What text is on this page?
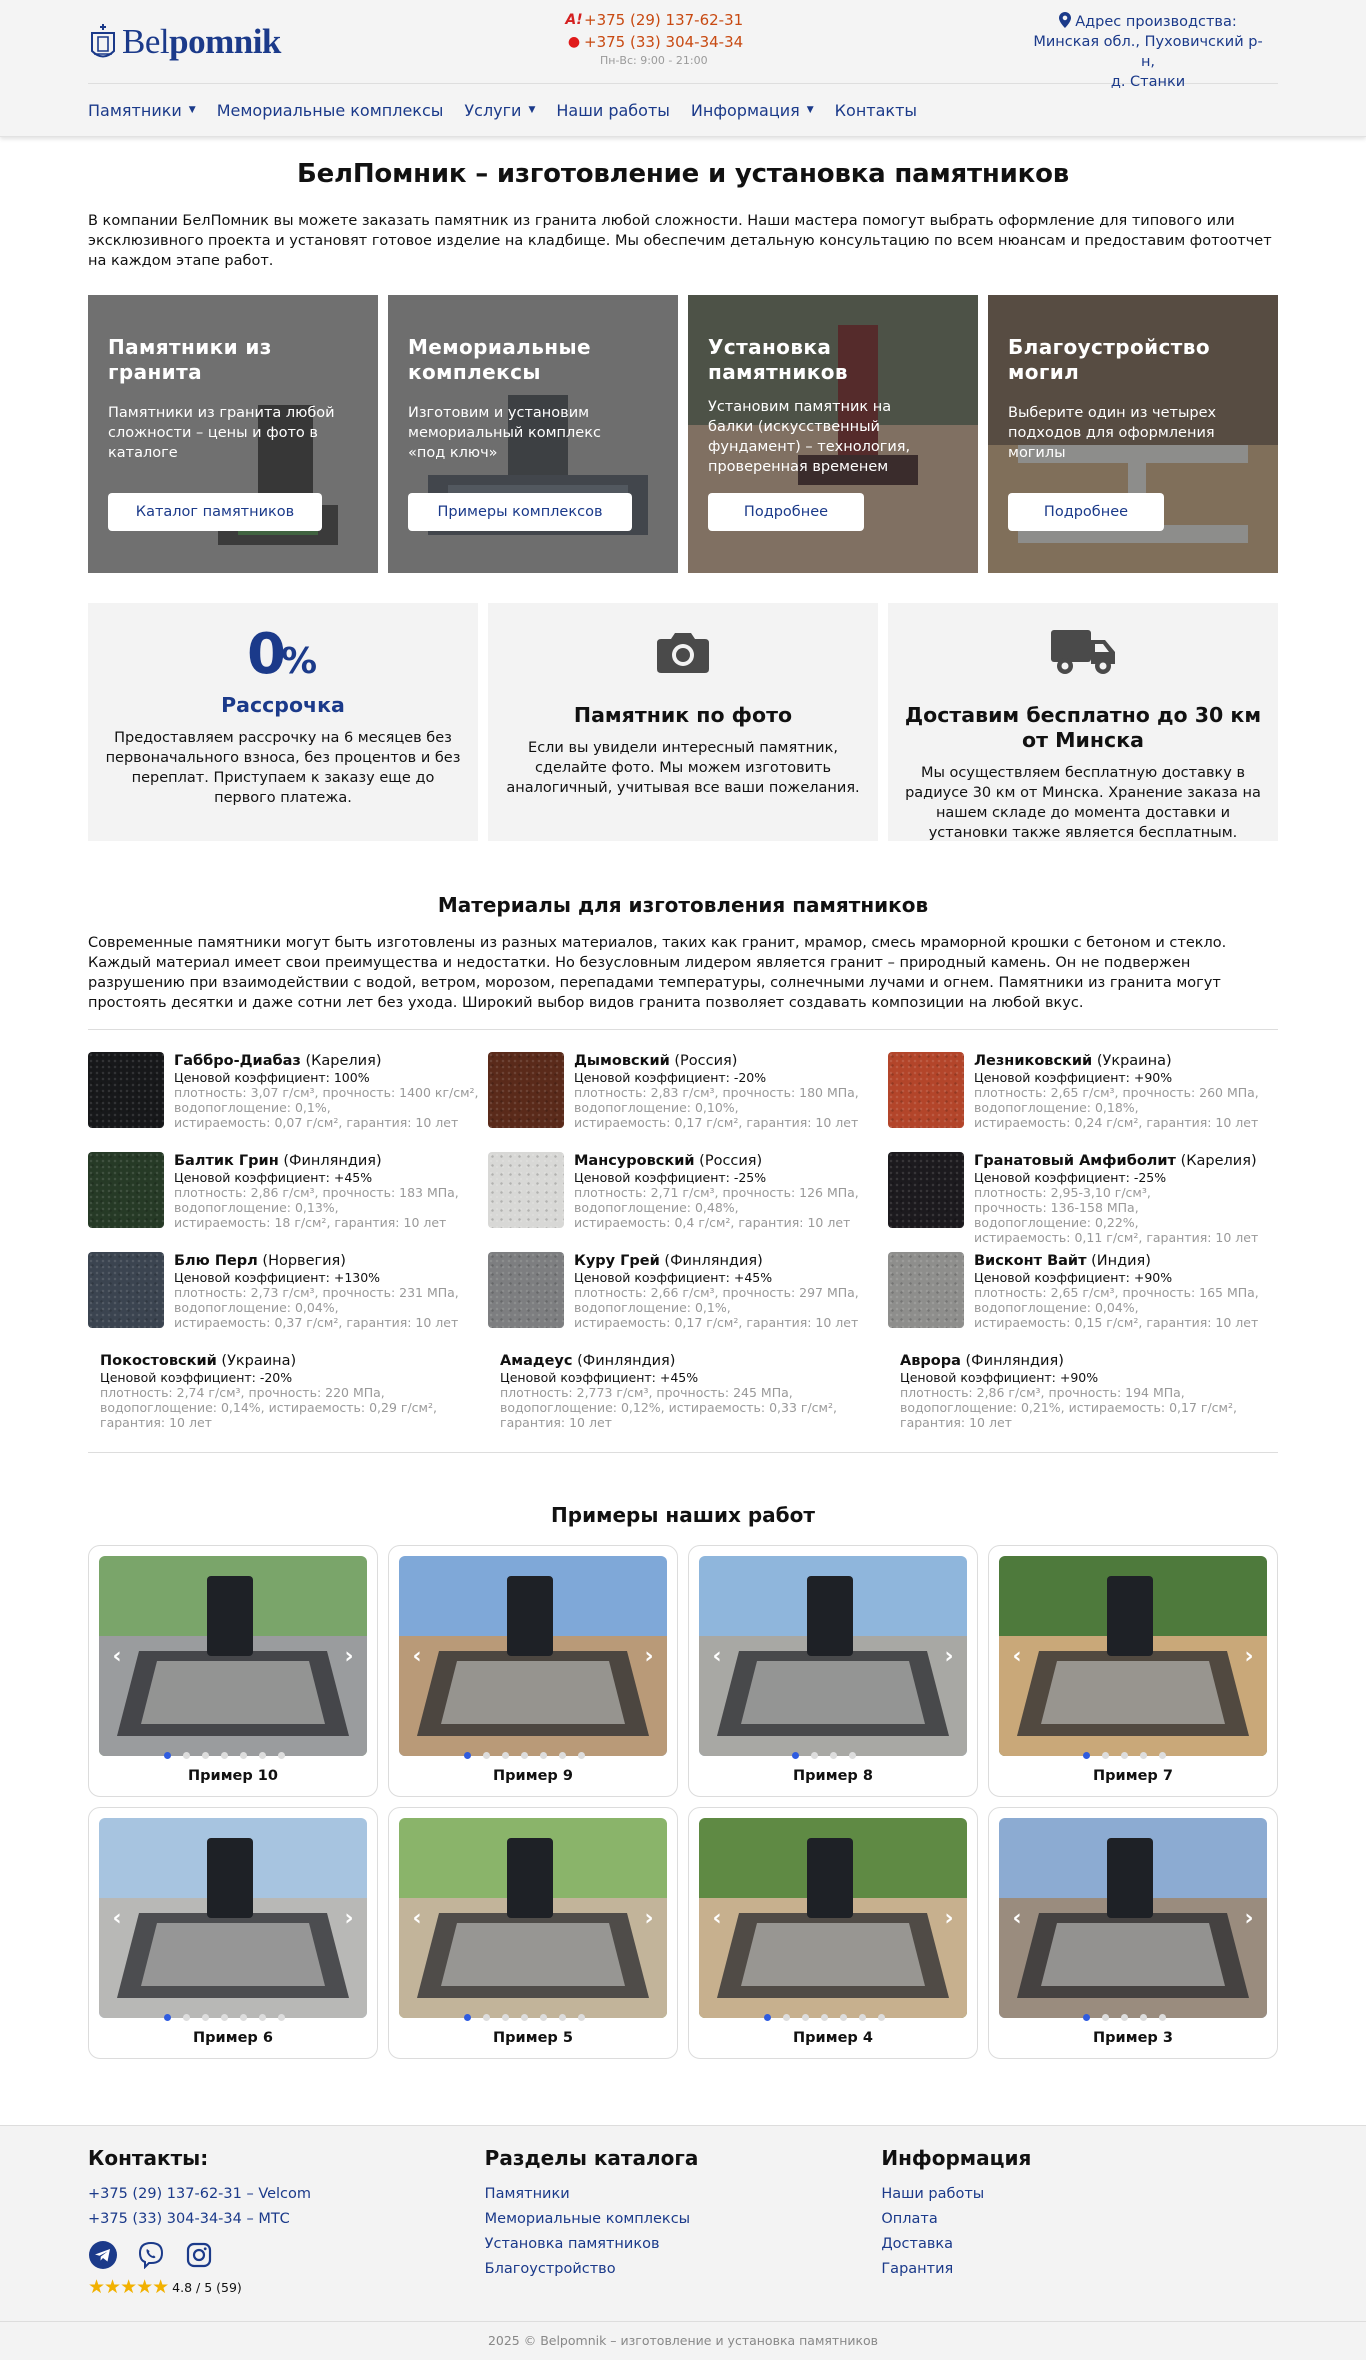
Bel pomnik
A! +375 (29) 137-62-31
● +375 (33) 304-34-34
Пн-Вс: 9:00 - 21:00
Адрес производства:
Минская обл., Пуховичский р-н,
д. Станки
Памятники ▼ Мемориальные комплексы Услуги ▼ Наши работы Информация ▼ Контакты
БелПомник – изготовление и установка памятников

В компании БелПомник вы можете заказать памятник из гранита любой сложности. Наши мастера помогут выбрать оформление для типового или эксклюзивного проекта и установят готовое изделие на кладбище. Мы обеспечим детальную консультацию по всем нюансам и предоставим фотоотчет на каждом этапе работ.

Памятники из гранита

Памятники из гранита любой сложности – цены и фото в каталоге

Каталог памятников
Мемориальные комплексы

Изготовим и установим мемориальный комплекс «под ключ»

Примеры комплексов
Установка памятников

Установим памятник на балки (искусственный фундамент) – технология, проверенная временем

Подробнее
Благоустройство могил

Выберите один из четырех подходов для оформления могилы

Подробнее
0
%
Рассрочка

Предоставляем рассрочку на 6 месяцев без первоначального взноса, без процентов и без переплат. Приступаем к заказу еще до первого платежа.

Памятник по фото

Если вы увидели интересный памятник, сделайте фото. Мы можем изготовить аналогичный, учитывая все ваши пожелания.

Доставим бесплатно до 30 км от Минска

Мы осуществляем бесплатную доставку в радиусе 30 км от Минска. Хранение заказа на нашем складе до момента доставки и установки также является бесплатным.

Материалы для изготовления памятников

Современные памятники могут быть изготовлены из разных материалов, таких как гранит, мрамор, смесь мраморной крошки с бетоном и стекло. Каждый материал имеет свои преимущества и недостатки. Но безусловным лидером является гранит – природный камень. Он не подвержен разрушению при взаимодействии с водой, ветром, морозом, перепадами температуры, солнечными лучами и огнем. Памятники из гранита могут простоять десятки и даже сотни лет без ухода. Широкий выбор видов гранита позволяет создавать композиции на любой вкус.

Габбро-Диабаз (Карелия)
Ценовой коэффициент: 100%
плотность: 3,07 г/см³, прочность: 1400 кг/см²,
водопоглощение: 0,1%,
истираемость: 0,07 г/см², гарантия: 10 лет
Дымовский (Россия)
Ценовой коэффициент: -20%
плотность: 2,83 г/см³, прочность: 180 МПа,
водопоглощение: 0,10%,
истираемость: 0,17 г/см², гарантия: 10 лет
Лезниковский (Украина)
Ценовой коэффициент: +90%
плотность: 2,65 г/см³, прочность: 260 МПа,
водопоглощение: 0,18%,
истираемость: 0,24 г/см², гарантия: 10 лет
Балтик Грин (Финляндия)
Ценовой коэффициент: +45%
плотность: 2,86 г/см³, прочность: 183 МПа,
водопоглощение: 0,13%,
истираемость: 18 г/см², гарантия: 10 лет
Мансуровский (Россия)
Ценовой коэффициент: -25%
плотность: 2,71 г/см³, прочность: 126 МПа,
водопоглощение: 0,48%,
истираемость: 0,4 г/см², гарантия: 10 лет
Гранатовый Амфиболит (Карелия)
Ценовой коэффициент: -25%
плотность: 2,95-3,10 г/см³,
прочность: 136-158 МПа,
водопоглощение: 0,22%,
истираемость: 0,11 г/см², гарантия: 10 лет
Блю Перл (Норвегия)
Ценовой коэффициент: +130%
плотность: 2,73 г/см³, прочность: 231 МПа,
водопоглощение: 0,04%,
истираемость: 0,37 г/см², гарантия: 10 лет
Куру Грей (Финляндия)
Ценовой коэффициент: +45%
плотность: 2,66 г/см³, прочность: 297 МПа,
водопоглощение: 0,1%,
истираемость: 0,17 г/см², гарантия: 10 лет
Висконт Вайт (Индия)
Ценовой коэффициент: +90%
плотность: 2,65 г/см³, прочность: 165 МПа,
водопоглощение: 0,04%,
истираемость: 0,15 г/см², гарантия: 10 лет
Покостовский (Украина)
Ценовой коэффициент: -20%
плотность: 2,74 г/см³, прочность: 220 МПа,
водопоглощение: 0,14%, истираемость: 0,29 г/см²,
гарантия: 10 лет
Амадеус (Финляндия)
Ценовой коэффициент: +45%
плотность: 2,773 г/см³, прочность: 245 МПа,
водопоглощение: 0,12%, истираемость: 0,33 г/см²,
гарантия: 10 лет
Аврора (Финляндия)
Ценовой коэффициент: +90%
плотность: 2,86 г/см³, прочность: 194 МПа,
водопоглощение: 0,21%, истираемость: 0,17 г/см²,
гарантия: 10 лет
Примеры наших работ
‹	›
Пример 10
‹	›
Пример 9
‹	›
Пример 8
‹	›
Пример 7
‹	›
Пример 6
‹	›
Пример 5
‹	›
Пример 4
‹	›
Пример 3
Контакты:
+375 (29) 137-62-31 – Velcom
+375 (33) 304-34-34 – МТС
★★★★★ 4.8 / 5 (59)
Разделы каталога
Памятники
Мемориальные комплексы
Установка памятников
Благоустройство
Информация
Наши работы
Оплата
Доставка
Гарантия
2025 © Belpomnik – изготовление и установка памятников
